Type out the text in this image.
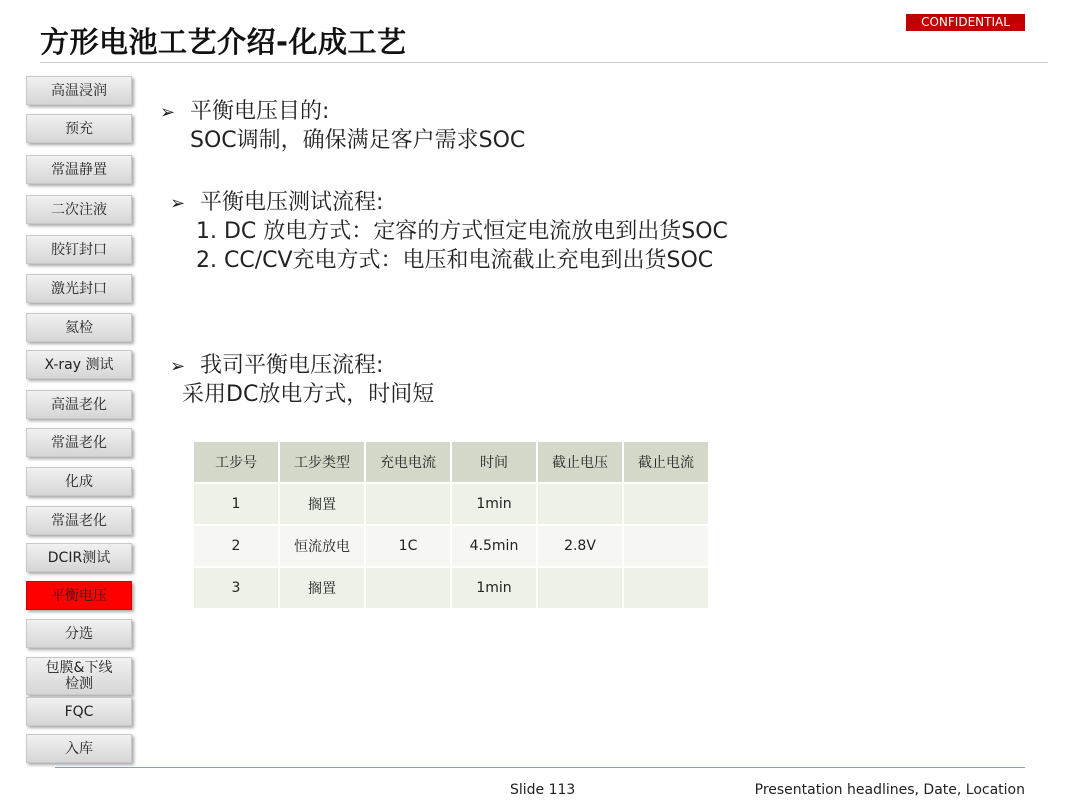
方形电池工艺介绍-化成工艺
CONFIDENTIAL
高温浸润
预充
常温静置
二次注液
胶钉封口
激光封口
氦检
X-ray 测试
高温老化
常温老化
化成
常温老化
DCIR测试
平衡电压
分选
包膜&下线
检测
FQC
入库
➢ 平衡电压目的:
SOC调制，确保满足客户需求SOC
➢ 平衡电压测试流程:
1. DC 放电方式：定容的方式恒定电流放电到出货SOC
2. CC/CV充电方式：电压和电流截止充电到出货SOC
➢ 我司平衡电压流程:
采用DC放电方式，时间短
工步号	工步类型	充电电流	时间	截止电压	截止电流
1	搁置		1min		
2	恒流放电	1C	4.5min	2.8V	
3	搁置		1min		
Slide 113	Presentation headlines, Date, Location
